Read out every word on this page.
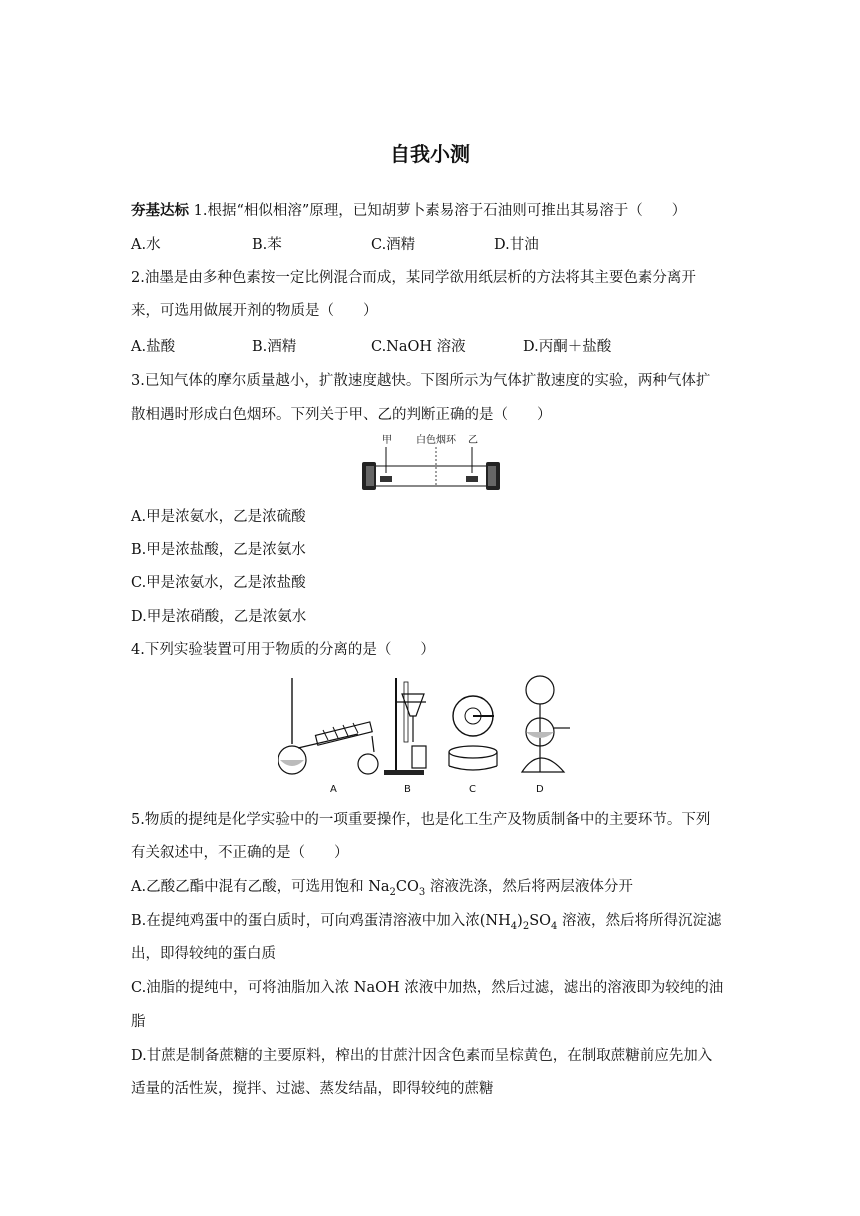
自我小测
夯基达标 1.根据“相似相溶”原理，已知胡萝卜素易溶于石油则可推出其易溶于（　　）
A.水	B.苯	C.酒精	D.甘油
2.油墨是由多种色素按一定比例混合而成，某同学欲用纸层析的方法将其主要色素分离开
来，可选用做展开剂的物质是（　　）
A.盐酸	B.酒精	C.NaOH 溶液	D.丙酮＋盐酸
3.已知气体的摩尔质量越小，扩散速度越快。下图所示为气体扩散速度的实验，两种气体扩
散相遇时形成白色烟环。下列关于甲、乙的判断正确的是（　　）
甲 白色烟环 乙
A.甲是浓氨水，乙是浓硫酸
B.甲是浓盐酸，乙是浓氨水
C.甲是浓氨水，乙是浓盐酸
D.甲是浓硝酸，乙是浓氨水
4.下列实验装置可用于物质的分离的是（　　）
A	B	C	D
5.物质的提纯是化学实验中的一项重要操作，也是化工生产及物质制备中的主要环节。下列
有关叙述中，不正确的是（　　）
A.乙酸乙酯中混有乙酸，可选用饱和 $Na_2CO_3$ 溶液洗涤，然后将两层液体分开
B.在提纯鸡蛋中的蛋白质时，可向鸡蛋清溶液中加入浓$(NH_4)_2SO_4$ 溶液，然后将所得沉淀滤
出，即得较纯的蛋白质
C.油脂的提纯中，可将油脂加入浓 NaOH 浓液中加热，然后过滤，滤出的溶液即为较纯的油
脂
D.甘蔗是制备蔗糖的主要原料，榨出的甘蔗汁因含色素而呈棕黄色，在制取蔗糖前应先加入
适量的活性炭，搅拌、过滤、蒸发结晶，即得较纯的蔗糖
